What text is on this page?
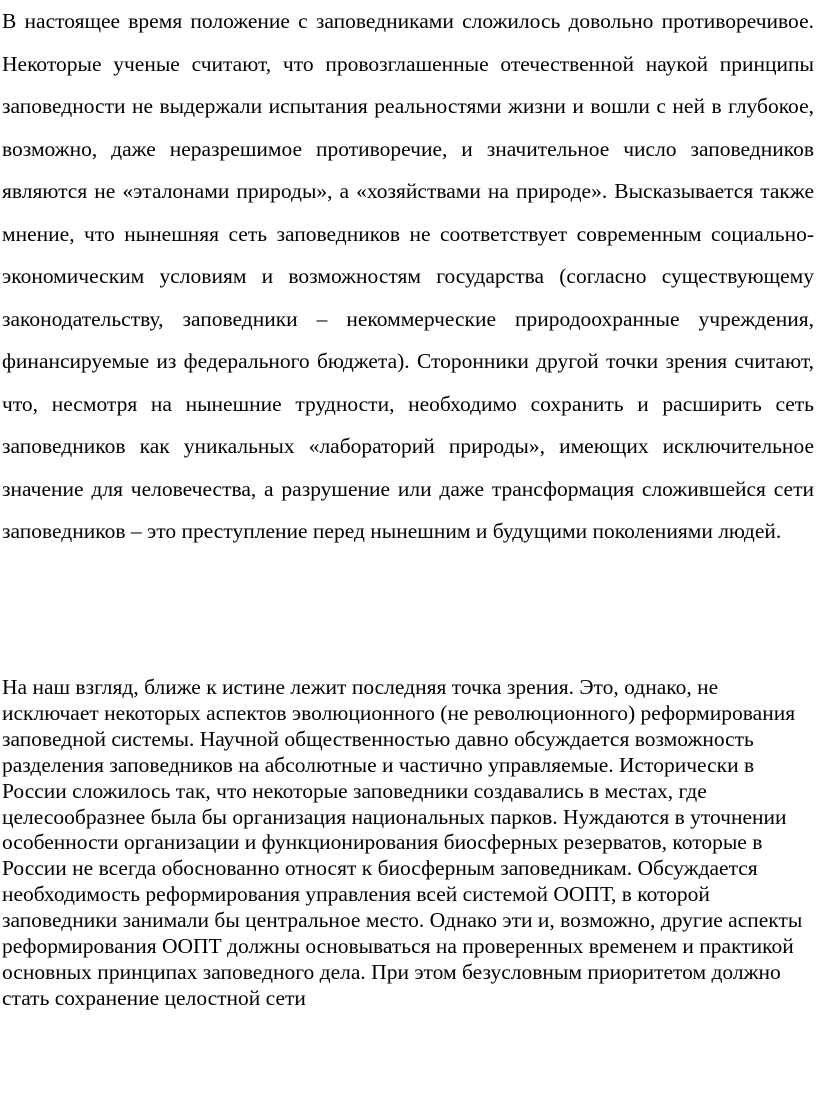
В настоящее время положение с заповедниками сложилось довольно противоречивое. Некоторые ученые считают, что провозглашенные отечественной наукой принципы заповедности не выдержали испытания реальностями жизни и вошли с ней в глубокое, возможно, даже неразрешимое противоречие, и значительное число заповедников являются не «эталонами природы», а «хозяйствами на природе». Высказывается также мнение, что нынешняя сеть заповедников не соответствует современным социально-экономическим условиям и возможностям государства (согласно существующему законодательству, заповедники – некоммерческие природоохранные учреждения, финансируемые из федерального бюджета). Сторонники другой точки зрения считают, что, несмотря на нынешние трудности, необходимо сохранить и расширить сеть заповедников как уникальных «лабораторий природы», имеющих исключительное значение для человечества, а разрушение или даже трансформация сложившейся сети заповедников – это преступление перед нынешним и будущими поколениями людей.

На наш взгляд, ближе к истине лежит последняя точка зрения. Это, однако, не исключает некоторых аспектов эволюционного (не революционного) реформирования заповедной системы. Научной общественностью давно обсуждается возможность разделения заповедников на абсолютные и частично управляемые. Исторически в России сложилось так, что некоторые заповедники создавались в местах, где целесообразнее была бы организация национальных парков. Нуждаются в уточнении особенности организации и функционирования биосферных резерватов, которые в России не всегда обоснованно относят к биосферным заповедникам. Обсуждается необходимость реформирования управления всей системой ООПТ, в которой заповедники занимали бы центральное место. Однако эти и, возможно, другие аспекты реформирования ООПТ должны основываться на проверенных временем и практикой основных принципах заповедного дела. При этом безусловным приоритетом должно стать сохранение целостной сети
